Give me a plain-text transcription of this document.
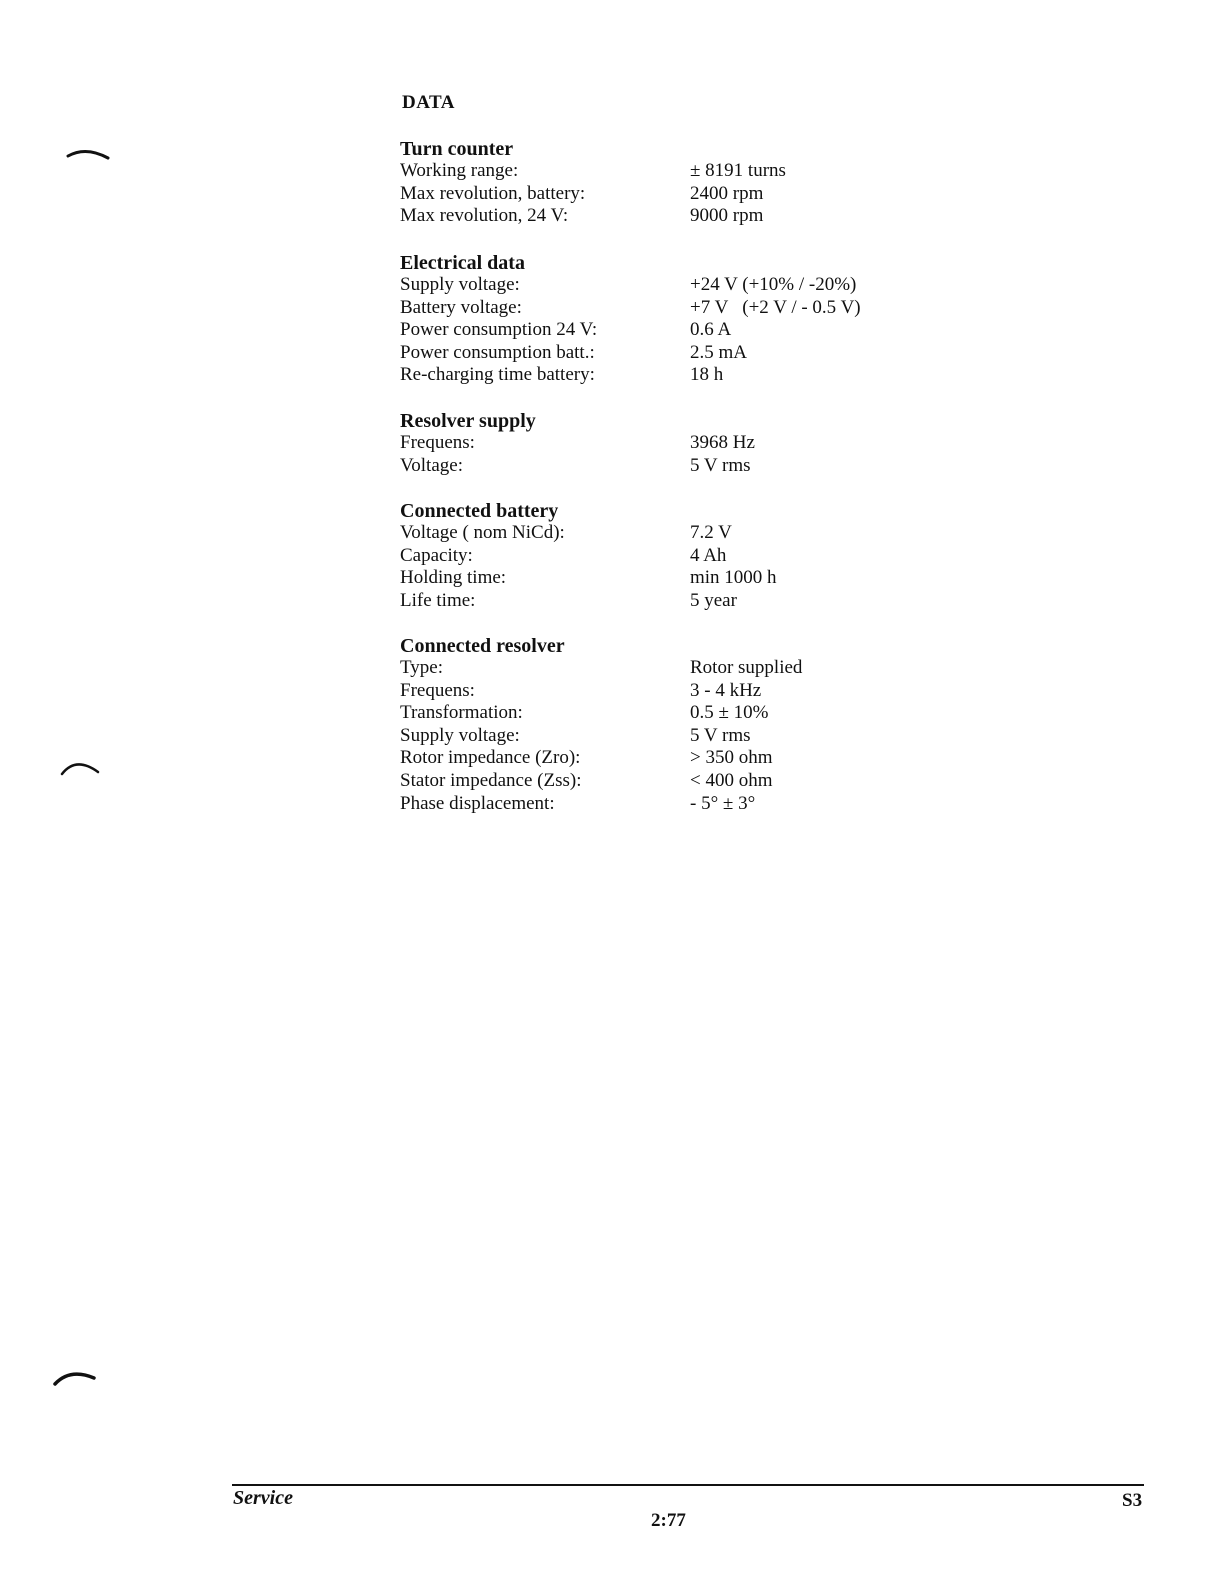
DATA
Turn counter
Working range:	± 8191 turns
Max revolution, battery:	2400 rpm
Max revolution, 24 V:	9000 rpm
Electrical data
Supply voltage:	+24 V (+10% / -20%)
Battery voltage:	+7 V   (+2 V / - 0.5 V)
Power consumption 24 V:	0.6 A
Power consumption batt.:	2.5 mA
Re-charging time battery:	18 h
Resolver supply
Frequens:	3968 Hz
Voltage:	5 V rms
Connected battery
Voltage ( nom NiCd):	7.2 V
Capacity:	4 Ah
Holding time:	min 1000 h
Life time:	5 year
Connected resolver
Type:	Rotor supplied
Frequens:	3 - 4 kHz
Transformation:	0.5 ± 10%
Supply voltage:	5 V rms
Rotor impedance (Zro):	> 350 ohm
Stator impedance (Zss):	< 400 ohm
Phase displacement:	- 5° ± 3°
Service
2:77
S3
